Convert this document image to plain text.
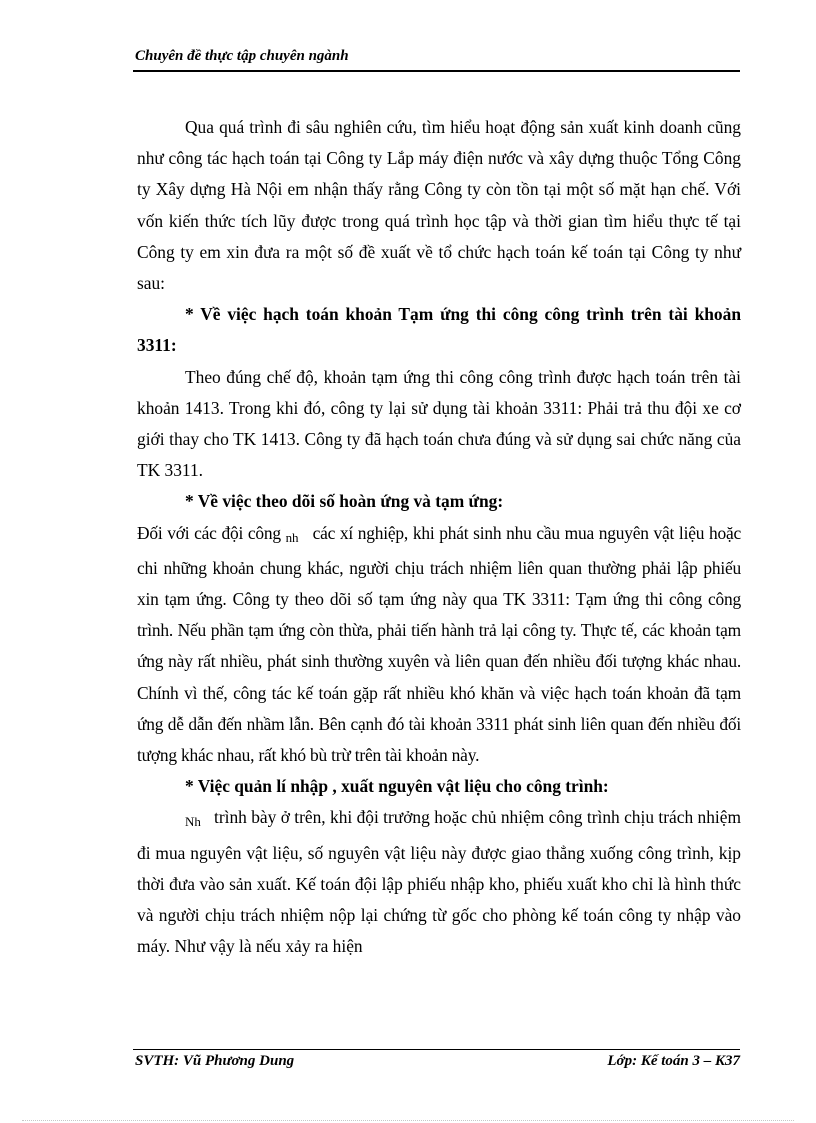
Chuyên đề thực tập chuyên ngành

Qua quá trình đi sâu nghiên cứu, tìm hiểu hoạt động sản xuất kinh doanh cũng như công tác hạch toán tại Công ty Lắp máy điện nước và xây dựng thuộc Tổng Công ty Xây dựng Hà Nội em nhận thấy rằng Công ty còn tồn tại một số mặt hạn chế. Với vốn kiến thức tích lũy được trong quá trình học tập và thời gian tìm hiểu thực tế tại Công ty em xin đưa ra một số đề xuất về tổ chức hạch toán kế toán tại Công ty như sau:

* Về việc hạch toán khoản Tạm ứng thi công công trình trên tài khoản 3311:

Theo đúng chế độ, khoản tạm ứng thi công công trình được hạch toán trên tài khoản 1413. Trong khi đó, công ty lại sử dụng tài khoản 3311: Phải trả thu đội xe cơ giới thay cho TK 1413. Công ty đã hạch toán chưa đúng và sử dụng sai chức năng của TK 3311.

* Về việc theo dõi số hoàn ứng và tạm ứng:

Đối với các đội công nh các xí nghiệp, khi phát sinh nhu cầu mua nguyên vật liệu hoặc chi những khoản chung khác, người chịu trách nhiệm liên quan thường phải lập phiếu xin tạm ứng. Công ty theo dõi số tạm ứng này qua TK 3311: Tạm ứng thi công công trình. Nếu phần tạm ứng còn thừa, phải tiến hành trả lại công ty. Thực tế, các khoản tạm ứng này rất nhiều, phát sinh thường xuyên và liên quan đến nhiều đối tượng khác nhau. Chính vì thế, công tác kế toán gặp rất nhiều khó khăn và việc hạch toán khoản đã tạm ứng dễ dẫn đến nhầm lẫn. Bên cạnh đó tài khoản 3311 phát sinh liên quan đến nhiều đối tượng khác nhau, rất khó bù trừ trên tài khoản này.

* Việc quản lí nhập , xuất nguyên vật liệu cho công trình:

Nh trình bày ở trên, khi đội trưởng hoặc chủ nhiệm công trình chịu trách nhiệm đi mua nguyên vật liệu, số nguyên vật liệu này được giao thẳng xuống công trình, kịp thời đưa vào sản xuất. Kế toán đội lập phiếu nhập kho, phiếu xuất kho chỉ là hình thức và người chịu trách nhiệm nộp lại chứng từ gốc cho phòng kế toán công ty nhập vào máy. Như vậy là nếu xảy ra hiện

SVTH: Vũ Phương Dung	Lớp: Kế toán 3 – K37
